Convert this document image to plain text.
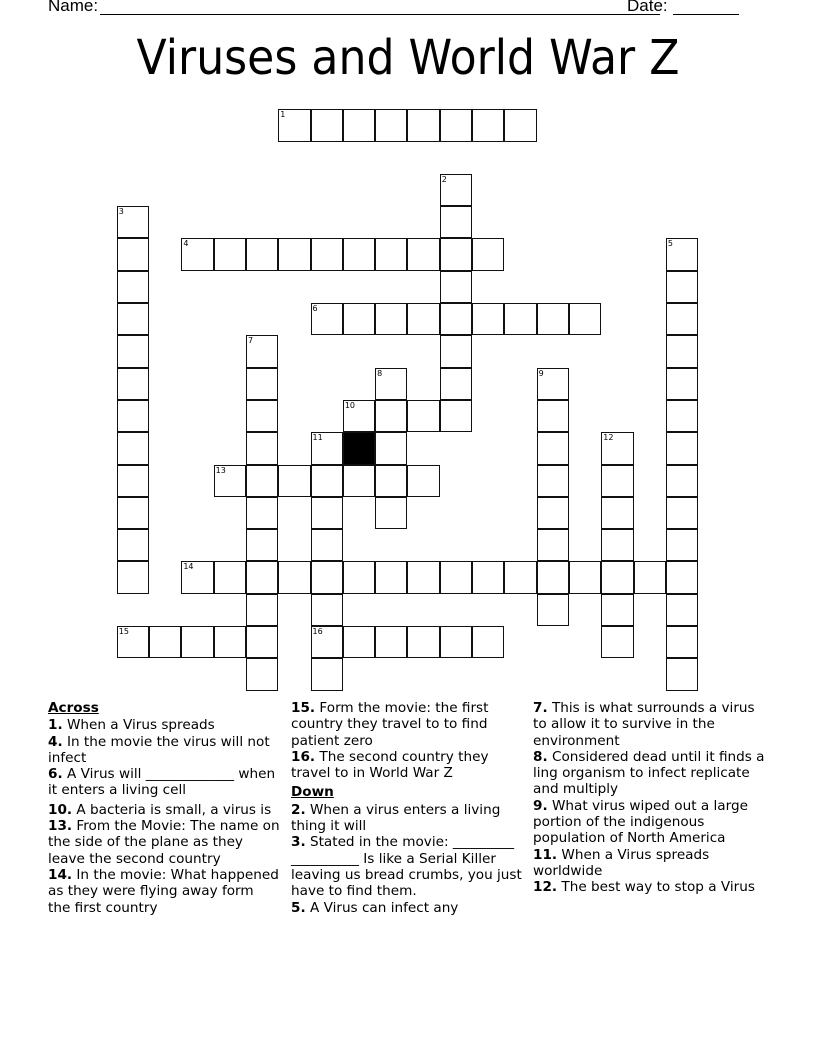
Name:	Date:
Viruses and World War Z
1
2
3
4	5
6
7
8	9
10
11
16
12
13
14
15
Across
1. When a Virus spreads
4. In the movie the virus will not infect
6. A Virus will _____________ when it enters a living cell
10. A bacteria is small, a virus is
13. From the Movie: The name on the side of the plane as they leave the second country
14. In the movie: What happened as they were flying away form the first country
15. Form the movie: the first country they travel to to find patient zero
16. The second country they travel to in World War Z
Down
2. When a virus enters a living thing it will
3. Stated in the movie: _________ __________ Is like a Serial Killer leaving us bread crumbs, you just have to find them.
5. A Virus can infect any
7. This is what surrounds a virus to allow it to survive in the environment
8. Considered dead until it finds a ling organism to infect replicate and multiply
9. What virus wiped out a large portion of the indigenous population of North America
11. When a Virus spreads worldwide
12. The best way to stop a Virus
